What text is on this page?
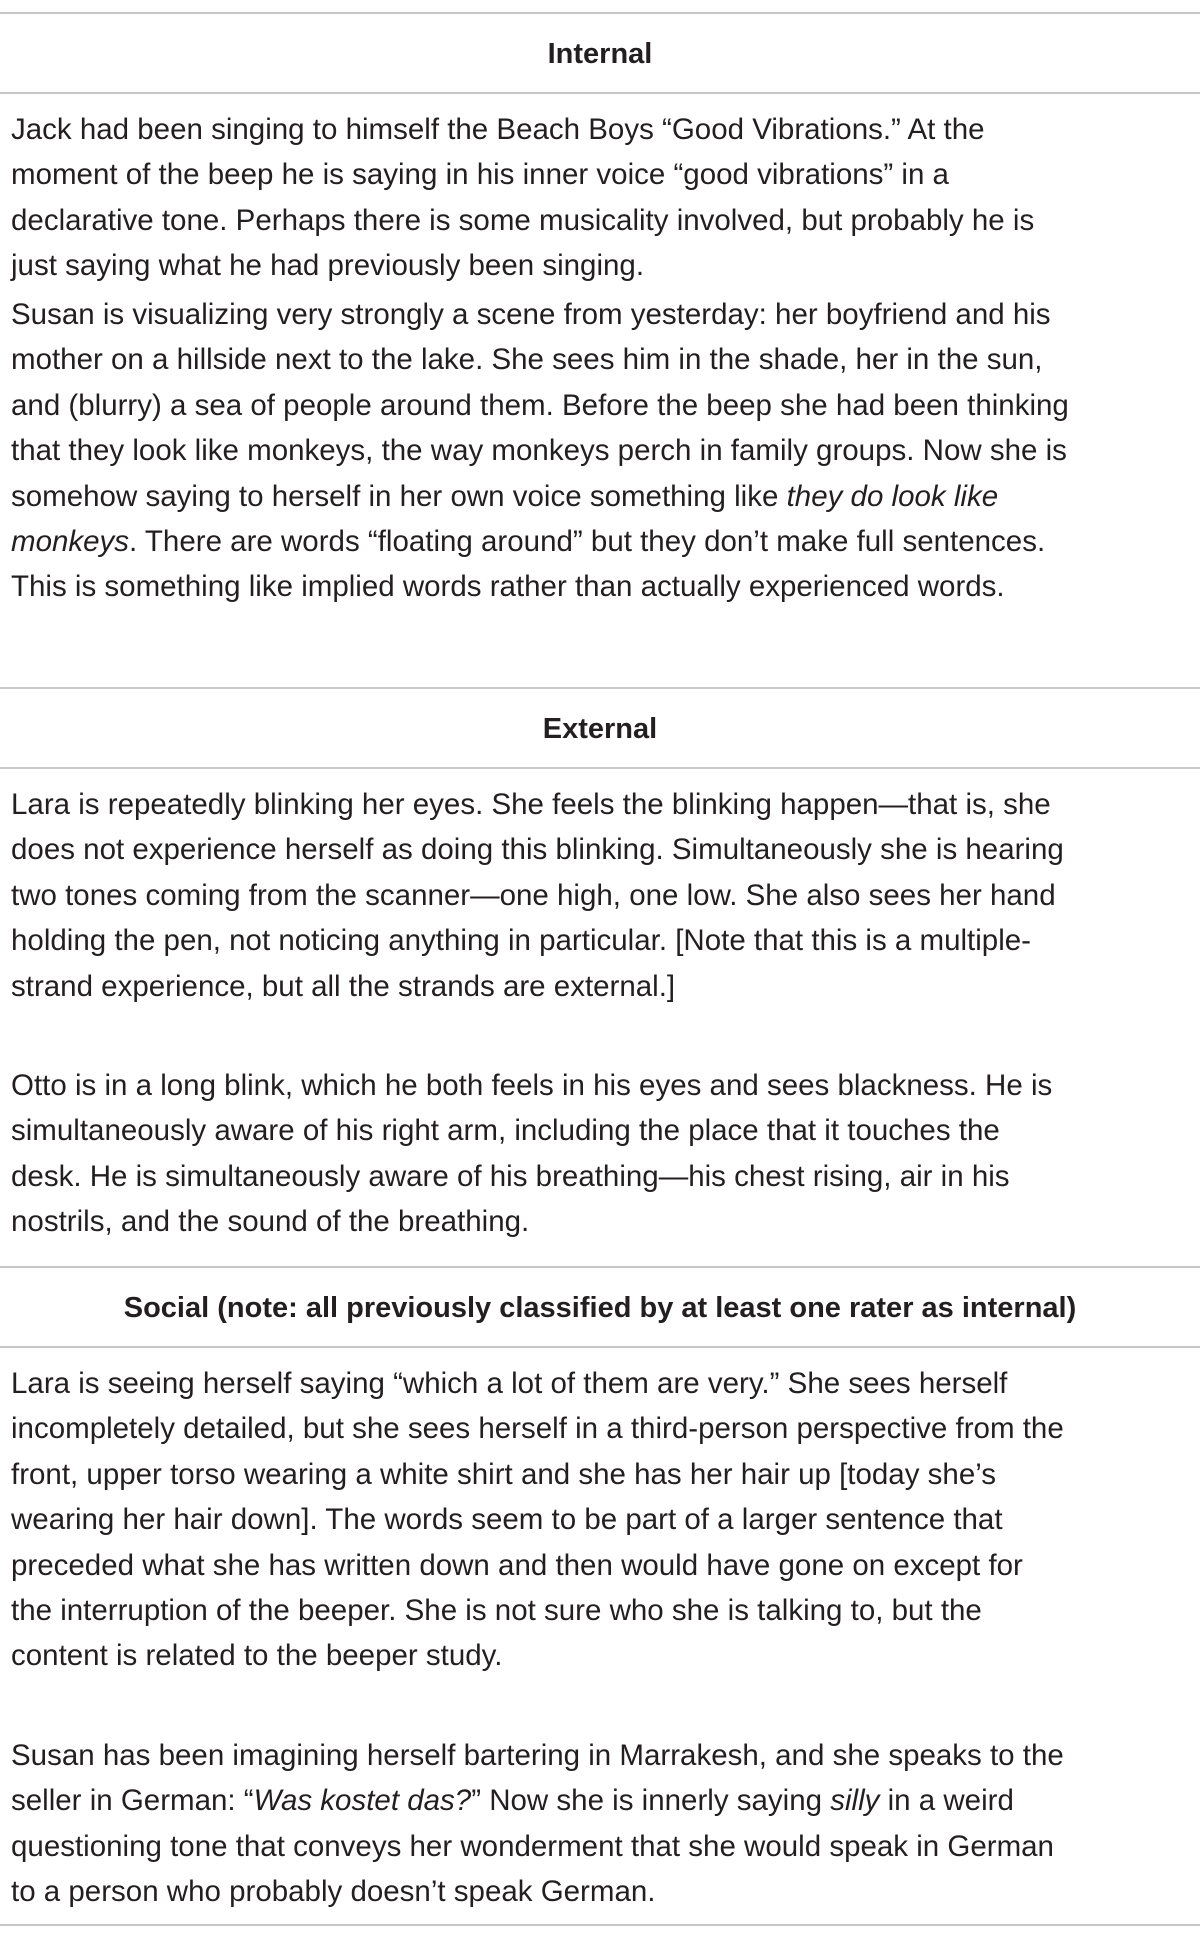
Internal

Jack had been singing to himself the Beach Boys “Good Vibrations.” At the moment of the beep he is saying in his inner voice “good vibrations” in a declarative tone. Perhaps there is some musicality involved, but probably he is just saying what he had previously been singing.

Susan is visualizing very strongly a scene from yesterday: her boyfriend and his mother on a hillside next to the lake. She sees him in the shade, her in the sun, and (blurry) a sea of people around them. Before the beep she had been thinking that they look like monkeys, the way monkeys perch in family groups. Now she is somehow saying to herself in her own voice something like they do look like monkeys. There are words “floating around” but they don’t make full sentences. This is something like implied words rather than actually experienced words.

External

Lara is repeatedly blinking her eyes. She feels the blinking happen—that is, she does not experience herself as doing this blinking. Simultaneously she is hearing two tones coming from the scanner—one high, one low. She also sees her hand holding the pen, not noticing anything in particular. [Note that this is a multiple-strand experience, but all the strands are external.]

Otto is in a long blink, which he both feels in his eyes and sees blackness. He is simultaneously aware of his right arm, including the place that it touches the desk. He is simultaneously aware of his breathing—his chest rising, air in his nostrils, and the sound of the breathing.

Social (note: all previously classified by at least one rater as internal)

Lara is seeing herself saying “which a lot of them are very.” She sees herself incompletely detailed, but she sees herself in a third-person perspective from the front, upper torso wearing a white shirt and she has her hair up [today she’s wearing her hair down]. The words seem to be part of a larger sentence that preceded what she has written down and then would have gone on except for the interruption of the beeper. She is not sure who she is talking to, but the content is related to the beeper study.

Susan has been imagining herself bartering in Marrakesh, and she speaks to the seller in German: “Was kostet das?” Now she is innerly saying silly in a weird questioning tone that conveys her wonderment that she would speak in German to a person who probably doesn’t speak German.
